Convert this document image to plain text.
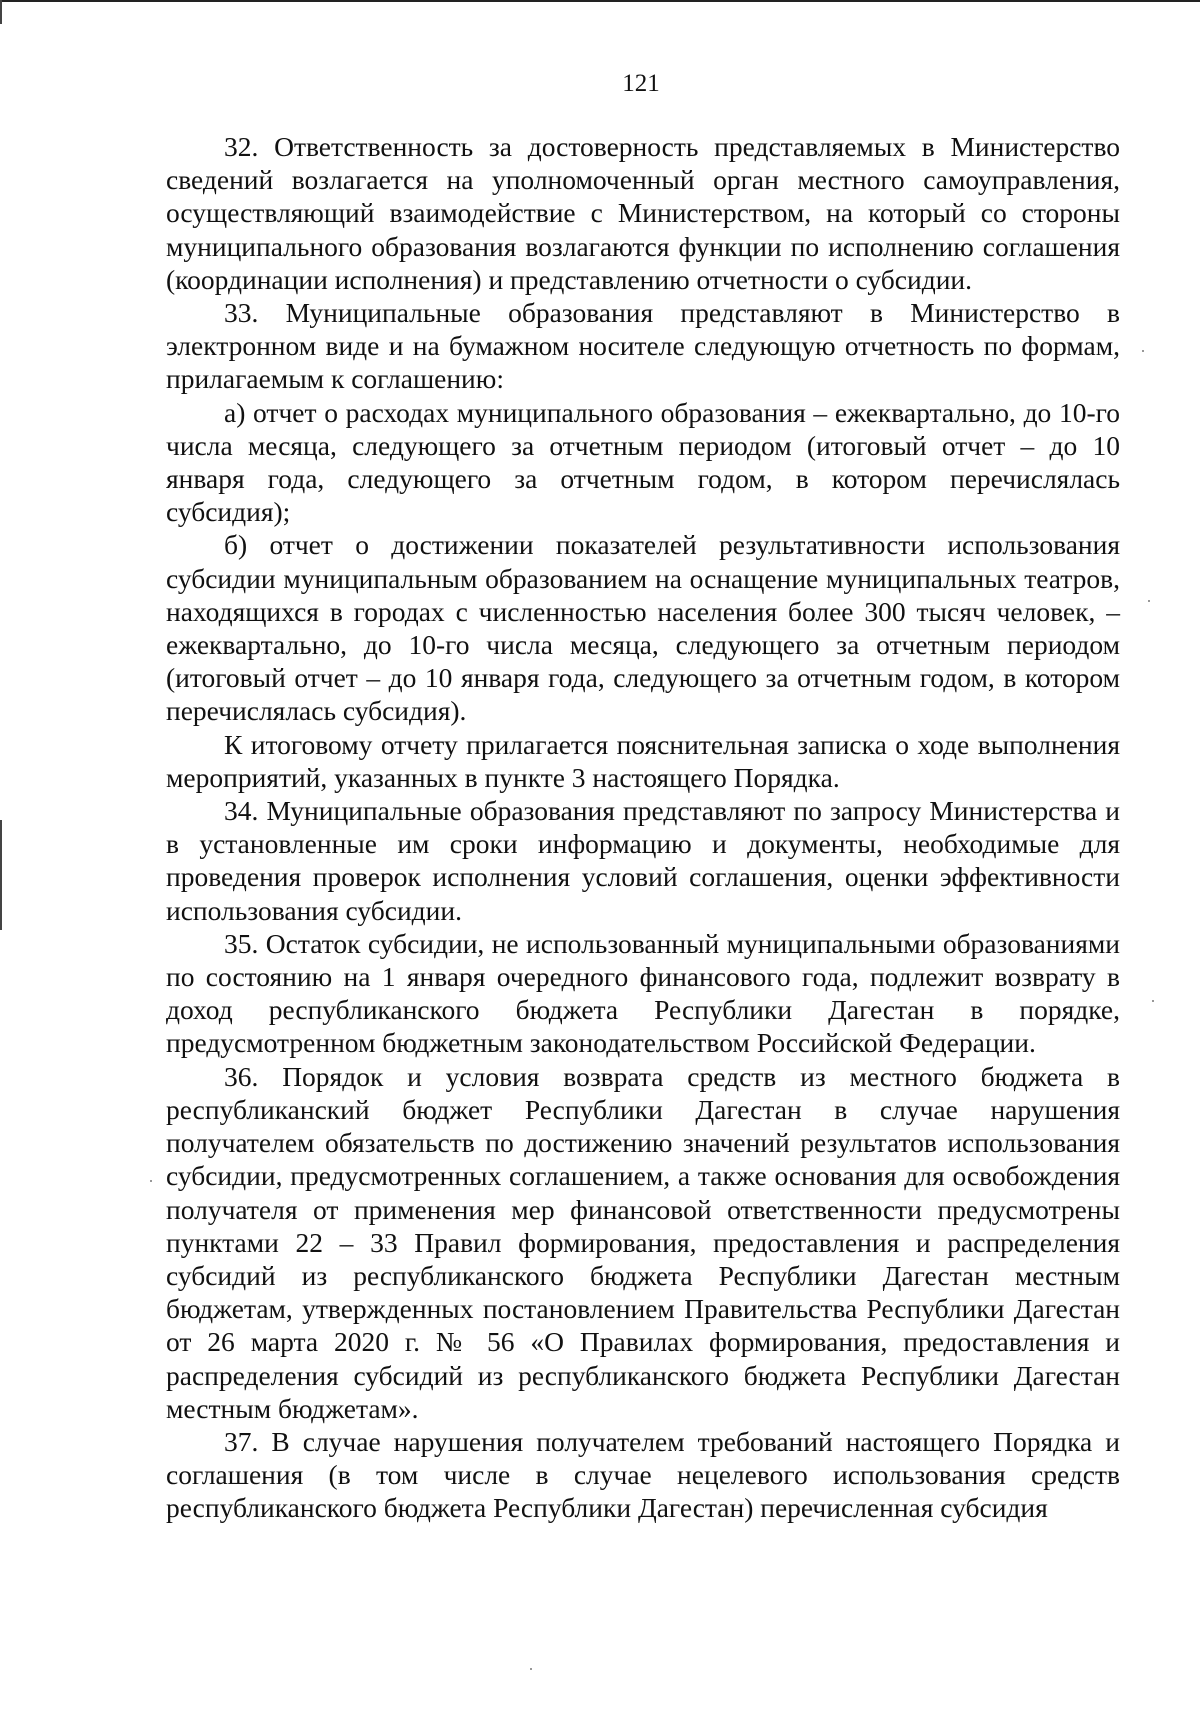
121

32. Ответственность за достоверность представляемых в Министерство сведений возлагается на уполномоченный орган местного самоуправления, осуществляющий взаимодействие с Министерством, на который со стороны муниципального образования возлагаются функции по исполнению соглашения (координации исполнения) и представлению отчетности о субсидии.

33. Муниципальные образования представляют в Министерство в электронном виде и на бумажном носителе следующую отчетность по формам, прилагаемым к соглашению:

а) отчет о расходах муниципального образования – ежеквартально, до 10-го числа месяца, следующего за отчетным периодом (итоговый отчет – до 10 января года, следующего за отчетным годом, в котором перечислялась субсидия);

б) отчет о достижении показателей результативности использования субсидии муниципальным образованием на оснащение муниципальных театров, находящихся в городах с численностью населения более 300 тысяч человек, – ежеквартально, до 10-го числа месяца, следующего за отчетным периодом (итоговый отчет – до 10 января года, следующего за отчетным годом, в котором перечислялась субсидия).

К итоговому отчету прилагается пояснительная записка о ходе выполнения мероприятий, указанных в пункте 3 настоящего Порядка.

34. Муниципальные образования представляют по запросу Министерства и в установленные им сроки информацию и документы, необходимые для проведения проверок исполнения условий соглашения, оценки эффективности использования субсидии.

35. Остаток субсидии, не использованный муниципальными образованиями по состоянию на 1 января очередного финансового года, подлежит возврату в доход республиканского бюджета Республики Дагестан в порядке, предусмотренном бюджетным законодательством Российской Федерации.

36. Порядок и условия возврата средств из местного бюджета в республиканский бюджет Республики Дагестан в случае нарушения получателем обязательств по достижению значений результатов использования субсидии, предусмотренных соглашением, а также основания для освобождения получателя от применения мер финансовой ответственности предусмотрены пунктами 22 – 33 Правил формирования, предоставления и распределения субсидий из республиканского бюджета Республики Дагестан местным бюджетам, утвержденных постановлением Правительства Республики Дагестан от 26 марта 2020 г. № 56 «О Правилах формирования, предоставления и распределения субсидий из республиканского бюджета Республики Дагестан местным бюджетам».

37. В случае нарушения получателем требований настоящего Порядка и соглашения (в том числе в случае нецелевого использования средств республиканского бюджета Республики Дагестан) перечисленная субсидия
